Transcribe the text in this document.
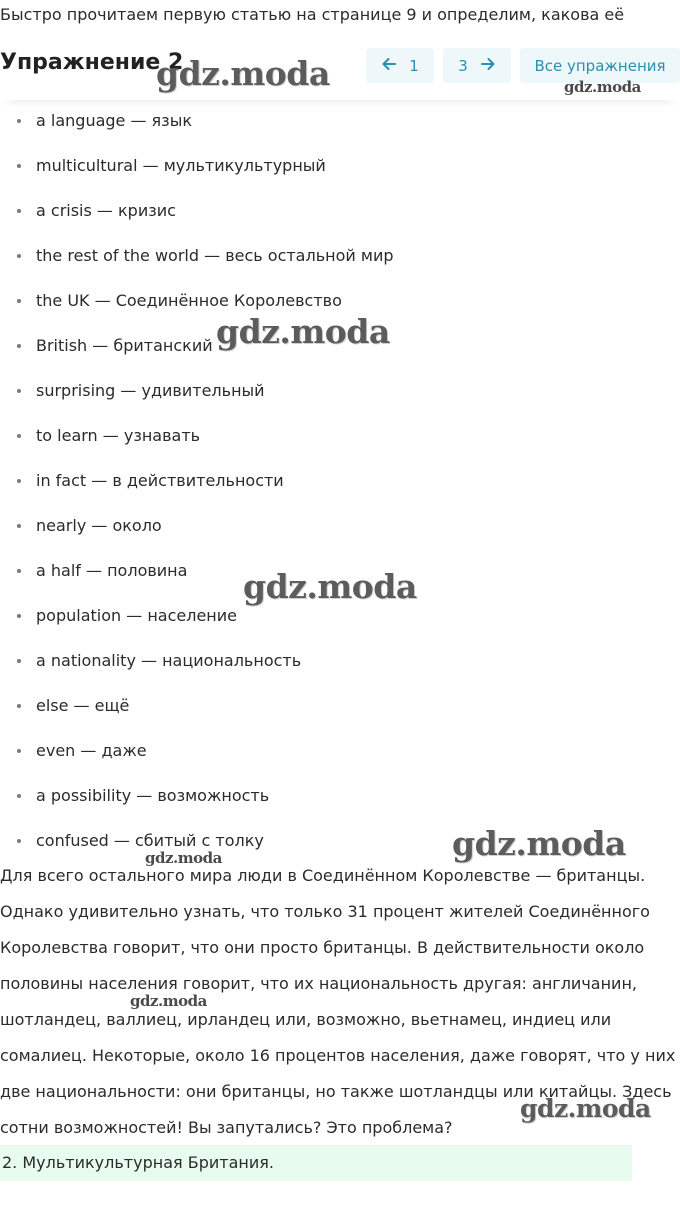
Быстро прочитаем первую статью на странице 9 и определим, какова её
Упражнение 2	1	3	Все упражнения
a language — язык
multicultural — мультикультурный
a crisis — кризис
the rest of the world — весь остальной мир
the UK — Соединённое Королевство
British — британский
surprising — удивительный
to learn — узнавать
in fact — в действительности
nearly — около
a half — половина
population — население
a nationality — национальность
else — ещё
even — даже
a possibility — возможность
confused — сбитый с толку
Для всего остального мира люди в Соединённом Королевстве — британцы.
Однако удивительно узнать, что только 31 процент жителей Соединённого
Королевства говорит, что они просто британцы. В действительности около
половины населения говорит, что их национальность другая: англичанин,
шотландец, валлиец, ирландец или, возможно, вьетнамец, индиец или
сомалиец. Некоторые, около 16 процентов населения, даже говорят, что у них
две национальности: они британцы, но также шотландцы или китайцы. Здесь
сотни возможностей! Вы запутались? Это проблема?
2. Мультикультурная Британия.
gdz.moda	gdz.moda
gdz.moda
gdz.moda
gdz.moda
gdz.moda
gdz.moda
gdz.moda
